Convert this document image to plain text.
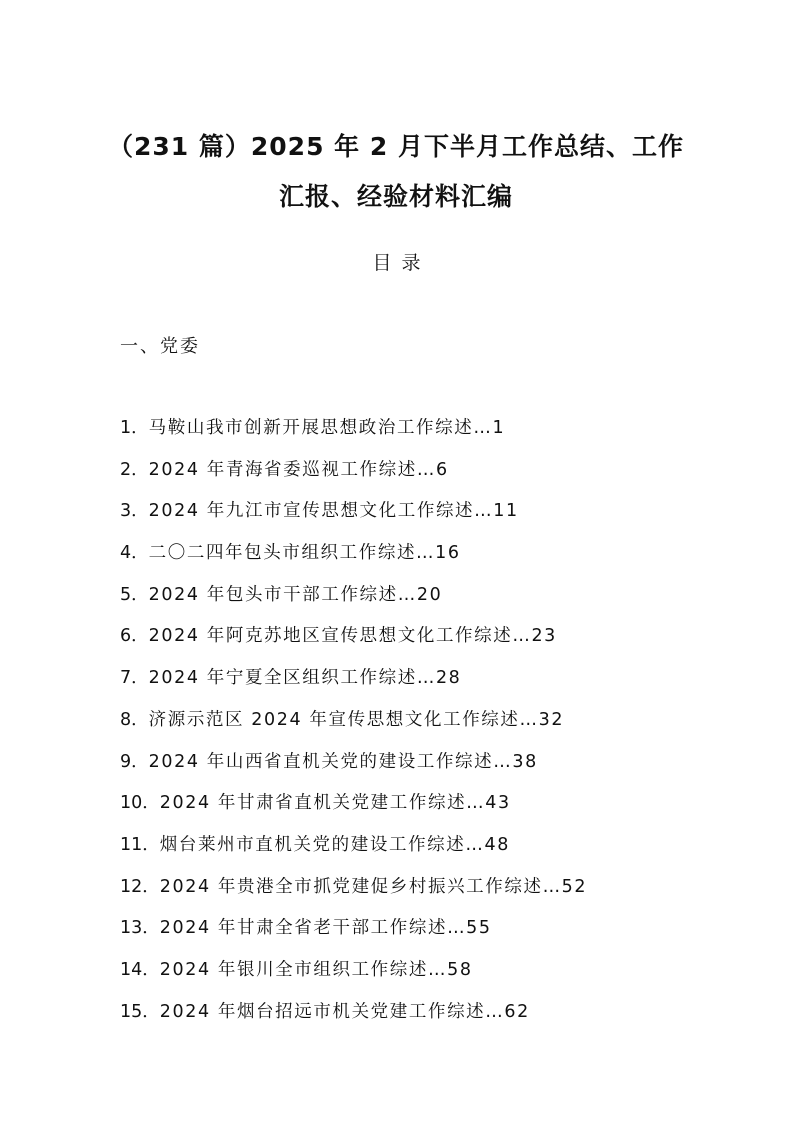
（231 篇）2025 年 2 月下半月工作总结、工作汇报、经验材料汇编
目录
一、党委
1．马鞍山我市创新开展思想政治工作综述…1
2．2024 年青海省委巡视工作综述…6
3．2024 年九江市宣传思想文化工作综述…11
4．二〇二四年包头市组织工作综述…16
5．2024 年包头市干部工作综述…20
6．2024 年阿克苏地区宣传思想文化工作综述…23
7．2024 年宁夏全区组织工作综述…28
8．济源示范区 2024 年宣传思想文化工作综述…32
9．2024 年山西省直机关党的建设工作综述…38
10．2024 年甘肃省直机关党建工作综述…43
11．烟台莱州市直机关党的建设工作综述…48
12．2024 年贵港全市抓党建促乡村振兴工作综述…52
13．2024 年甘肃全省老干部工作综述…55
14．2024 年银川全市组织工作综述…58
15．2024 年烟台招远市机关党建工作综述…62
